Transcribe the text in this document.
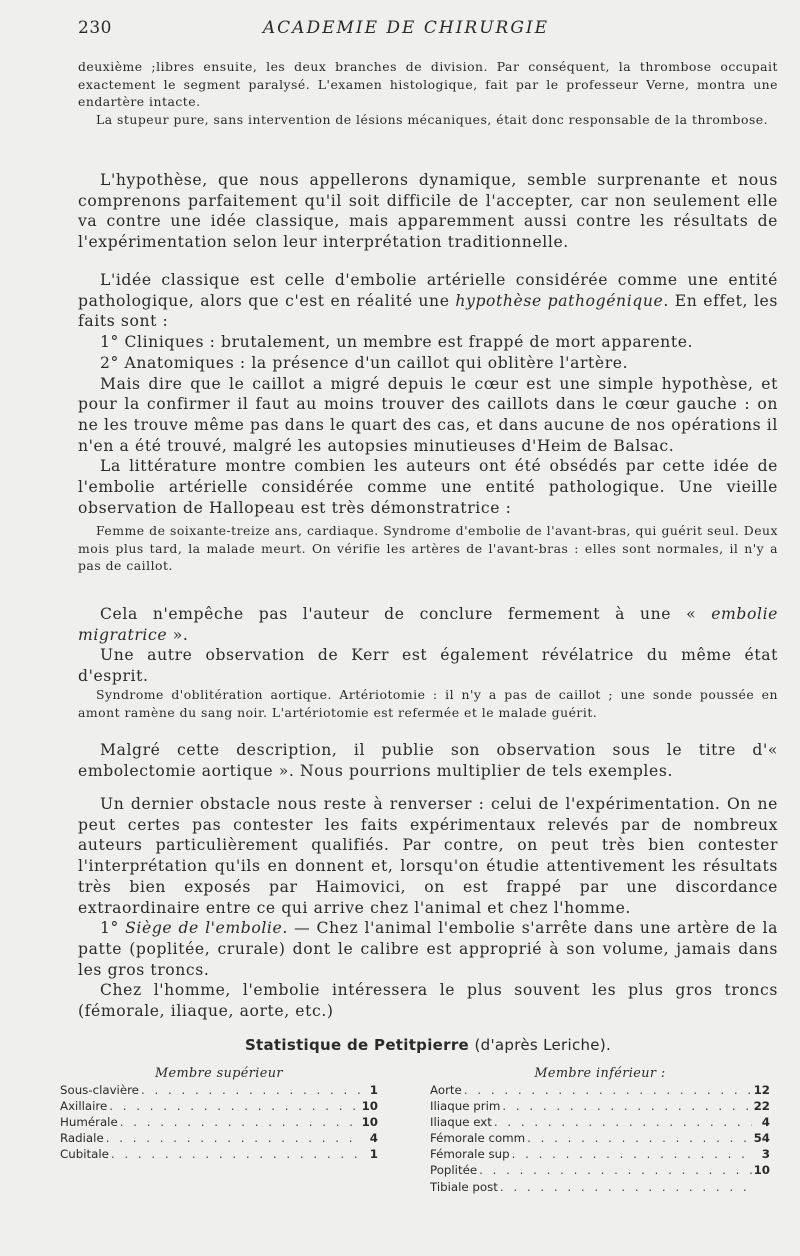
230	ACADEMIE DE CHIRURGIE

deuxième ;libres ensuite, les deux branches de division. Par conséquent, la thrombose occupait exactement le segment paralysé. L'examen histologique, fait par le professeur Verne, montra une endartère intacte.

La stupeur pure, sans intervention de lésions mécaniques, était donc responsable de la thrombose.

L'hypothèse, que nous appellerons dynamique, semble surprenante et nous comprenons parfaitement qu'il soit difficile de l'accepter, car non seulement elle va contre une idée classique, mais apparemment aussi contre les résultats de l'expérimentation selon leur interprétation traditionnelle.

L'idée classique est celle d'embolie artérielle considérée comme une entité pathologique, alors que c'est en réalité une hypothèse pathogénique. En effet, les faits sont :

1° Cliniques : brutalement, un membre est frappé de mort apparente.

2° Anatomiques : la présence d'un caillot qui oblitère l'artère.

Mais dire que le caillot a migré depuis le cœur est une simple hypothèse, et pour la confirmer il faut au moins trouver des caillots dans le cœur gauche : on ne les trouve même pas dans le quart des cas, et dans aucune de nos opérations il n'en a été trouvé, malgré les autopsies minutieuses d'Heim de Balsac.

La littérature montre combien les auteurs ont été obsédés par cette idée de l'embolie artérielle considérée comme une entité pathologique. Une vieille observation de Hallopeau est très démonstratrice :

Femme de soixante-treize ans, cardiaque. Syndrome d'embolie de l'avant-bras, qui guérit seul. Deux mois plus tard, la malade meurt. On vérifie les artères de l'avant-bras : elles sont normales, il n'y a pas de caillot.

Cela n'empêche pas l'auteur de conclure fermement à une « embolie migratrice ».

Une autre observation de Kerr est également révélatrice du même état d'esprit.

Syndrome d'oblitération aortique. Artériotomie : il n'y a pas de caillot ; une sonde poussée en amont ramène du sang noir. L'artériotomie est refermée et le malade guérit.

Malgré cette description, il publie son observation sous le titre d'« embolectomie aortique ». Nous pourrions multiplier de tels exemples.

Un dernier obstacle nous reste à renverser : celui de l'expérimentation. On ne peut certes pas contester les faits expérimentaux relevés par de nombreux auteurs particulièrement qualifiés. Par contre, on peut très bien contester l'interprétation qu'ils en donnent et, lorsqu'on étudie attentivement les résultats très bien exposés par Haimovici, on est frappé par une discordance extraordinaire entre ce qui arrive chez l'animal et chez l'homme.

1° Siège de l'embolie. — Chez l'animal l'embolie s'arrête dans une artère de la patte (poplitée, crurale) dont le calibre est approprié à son volume, jamais dans les gros troncs.

Chez l'homme, l'embolie intéressera le plus souvent les plus gros troncs (fémorale, iliaque, aorte, etc.)

Statistique de Petitpierre (d'après Leriche).
Membre supérieur
Sous-clavière . . .	1
Axillaire . . .	10
Humérale . . .	10
Radiale . . .	4
Cubitale . . .	1
Membre inférieur :
Aorte . . .	12
Iliaque prim . . .	22
Iliaque ext . . .	4
Fémorale comm . . .	54
Fémorale sup . . .	3
Poplitée . . .	10
Tibiale post
. . .
